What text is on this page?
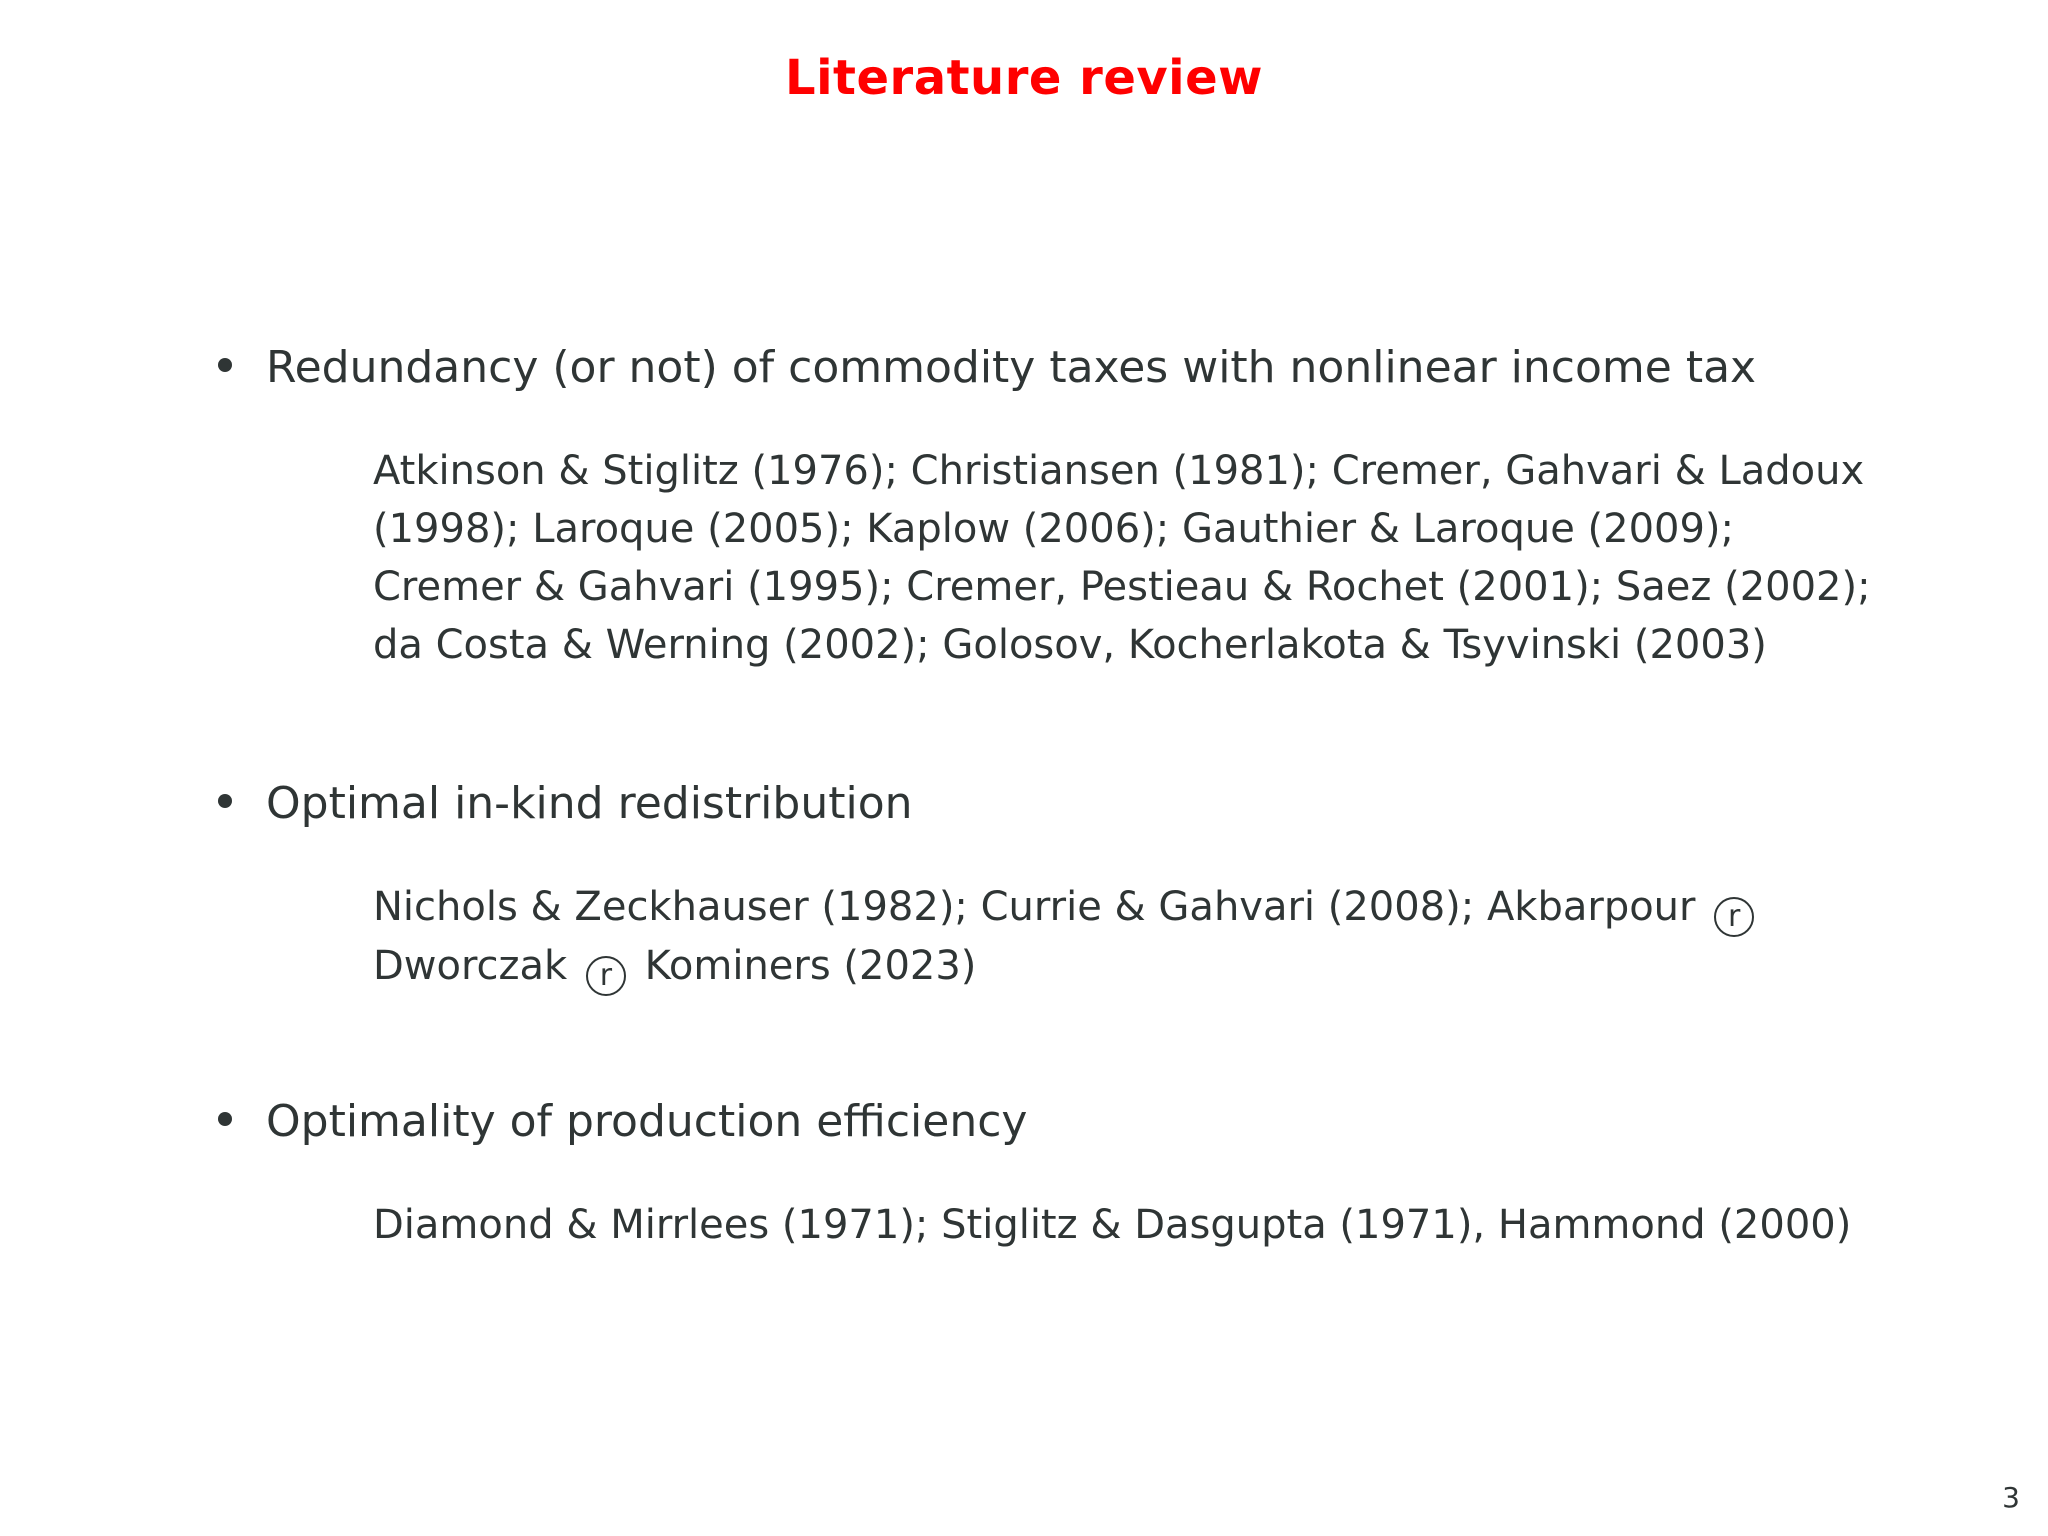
Literature review
Redundancy (or not) of commodity taxes with nonlinear income tax
Atkinson & Stiglitz (1976); Christiansen (1981); Cremer, Gahvari & Ladoux
(1998); Laroque (2005); Kaplow (2006); Gauthier & Laroque (2009);
Cremer & Gahvari (1995); Cremer, Pestieau & Rochet (2001); Saez (2002);
da Costa & Werning (2002); Golosov, Kocherlakota & Tsyvinski (2003)
Optimal in-kind redistribution
Nichols & Zeckhauser (1982); Currie & Gahvari (2008); Akbarpour r
Dworczak r Kominers (2023)
Optimality of production efficiency
Diamond & Mirrlees (1971); Stiglitz & Dasgupta (1971), Hammond (2000)
3
